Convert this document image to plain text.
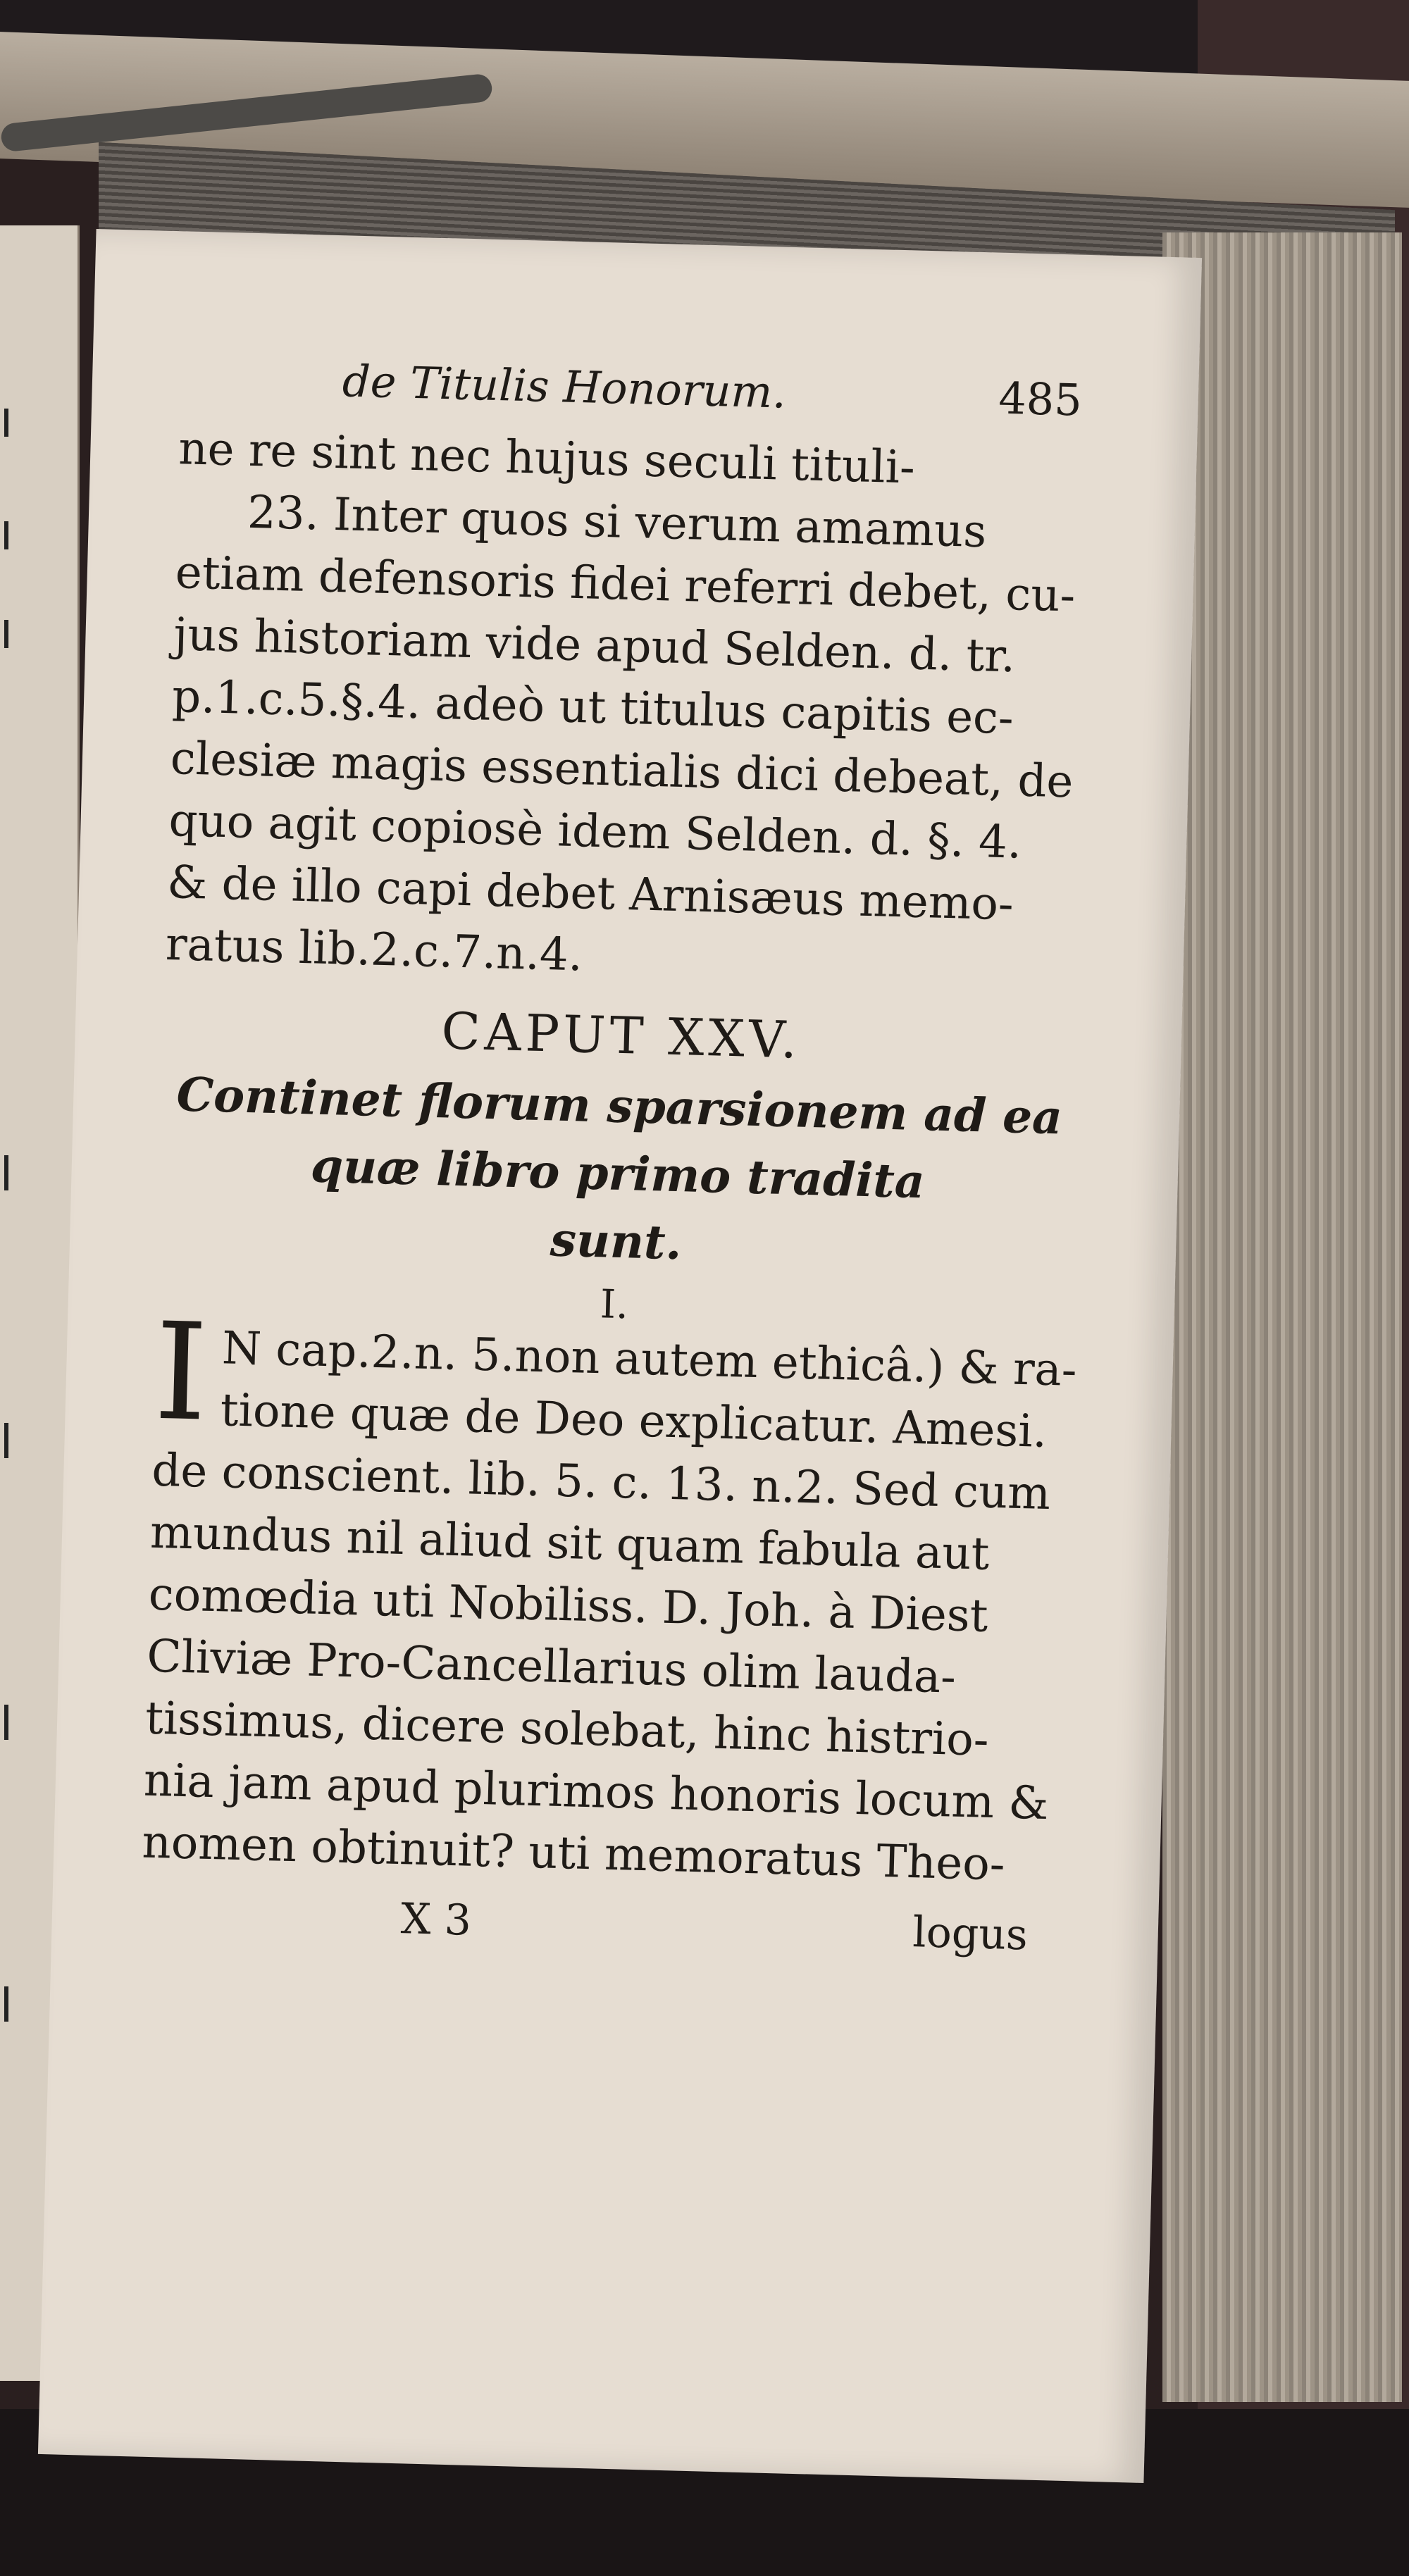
de Titulis Honorum.	485
ne re sint nec hujus seculi tituli-
23. Inter quos si verum amamus
etiam defensoris fidei referri debet, cu-
jus historiam vide apud Selden. d. tr.
p.1.c.5.§.4. adeò ut titulus capitis ec-
clesiæ magis essentialis dici debeat, de
quo agit copiosè idem Selden. d. §. 4.
& de illo capi debet Arnisæus memo-
ratus lib.2.c.7.n.4.
CAPUT XXV.
Continet florum sparsionem ad ea
quæ libro primo tradita
sunt.
I.
I N cap.2.n. 5.non autem ethicâ.) & ra-
tione quæ de Deo explicatur. Amesi.
de conscient. lib. 5. c. 13. n.2. Sed cum
mundus nil aliud sit quam fabula aut
comœdia uti Nobiliss. D. Joh. à Diest
Cliviæ Pro-Cancellarius olim lauda-
tissimus, dicere solebat, hinc histrio-
nia jam apud plurimos honoris locum &
nomen obtinuit? uti memoratus Theo-
X 3	logus
